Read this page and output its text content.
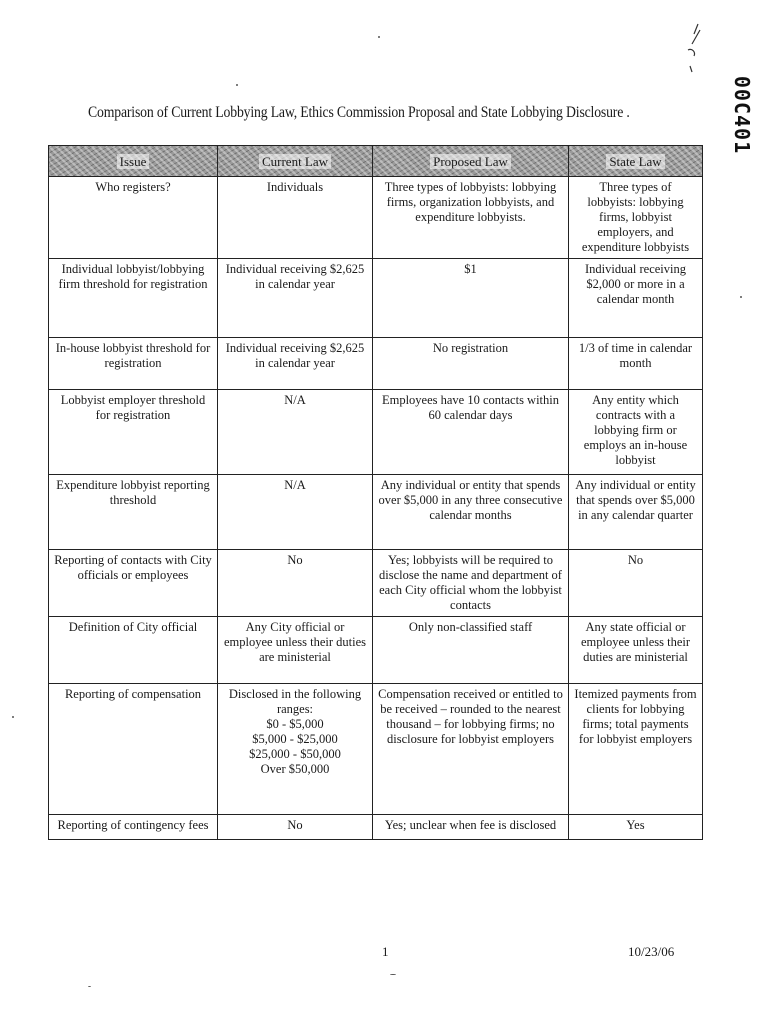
00C401
Comparison of Current Lobbying Law, Ethics Commission Proposal and State Lobbying Disclosure .
Issue	Current Law	Proposed Law	State Law
Who registers?	Individuals	Three types of lobbyists: lobbying firms, organization lobbyists, and expenditure lobbyists.	Three types of lobbyists: lobbying firms, lobbyist employers, and expenditure lobbyists
Individual lobbyist/lobbying firm threshold for registration	Individual receiving $2,625 in calendar year	$1	Individual receiving $2,000 or more in a calendar month
In-house lobbyist threshold for registration	Individual receiving $2,625 in calendar year	No registration	1/3 of time in calendar month
Lobbyist employer threshold for registration	N/A	Employees have 10 contacts within 60 calendar days	Any entity which contracts with a lobbying firm or employs an in-house lobbyist
Expenditure lobbyist reporting threshold	N/A	Any individual or entity that spends over $5,000 in any three consecutive calendar months	Any individual or entity that spends over $5,000 in any calendar quarter
Reporting of contacts with City officials or employees	No	Yes; lobbyists will be required to disclose the name and department of each City official whom the lobbyist contacts	No
Definition of City official	Any City official or employee unless their duties are ministerial	Only non-classified staff	Any state official or employee unless their duties are ministerial
Reporting of compensation	Disclosed in the following ranges:
$0 - $5,000
$5,000 - $25,000
$25,000 - $50,000
Over $50,000	Compensation received or entitled to be received – rounded to the nearest thousand – for lobbying firms; no disclosure for lobbyist employers	Itemized payments from clients for lobbying firms; total payments for lobbyist employers
Reporting of contingency fees	No	Yes; unclear when fee is disclosed	Yes
1	10/23/06
